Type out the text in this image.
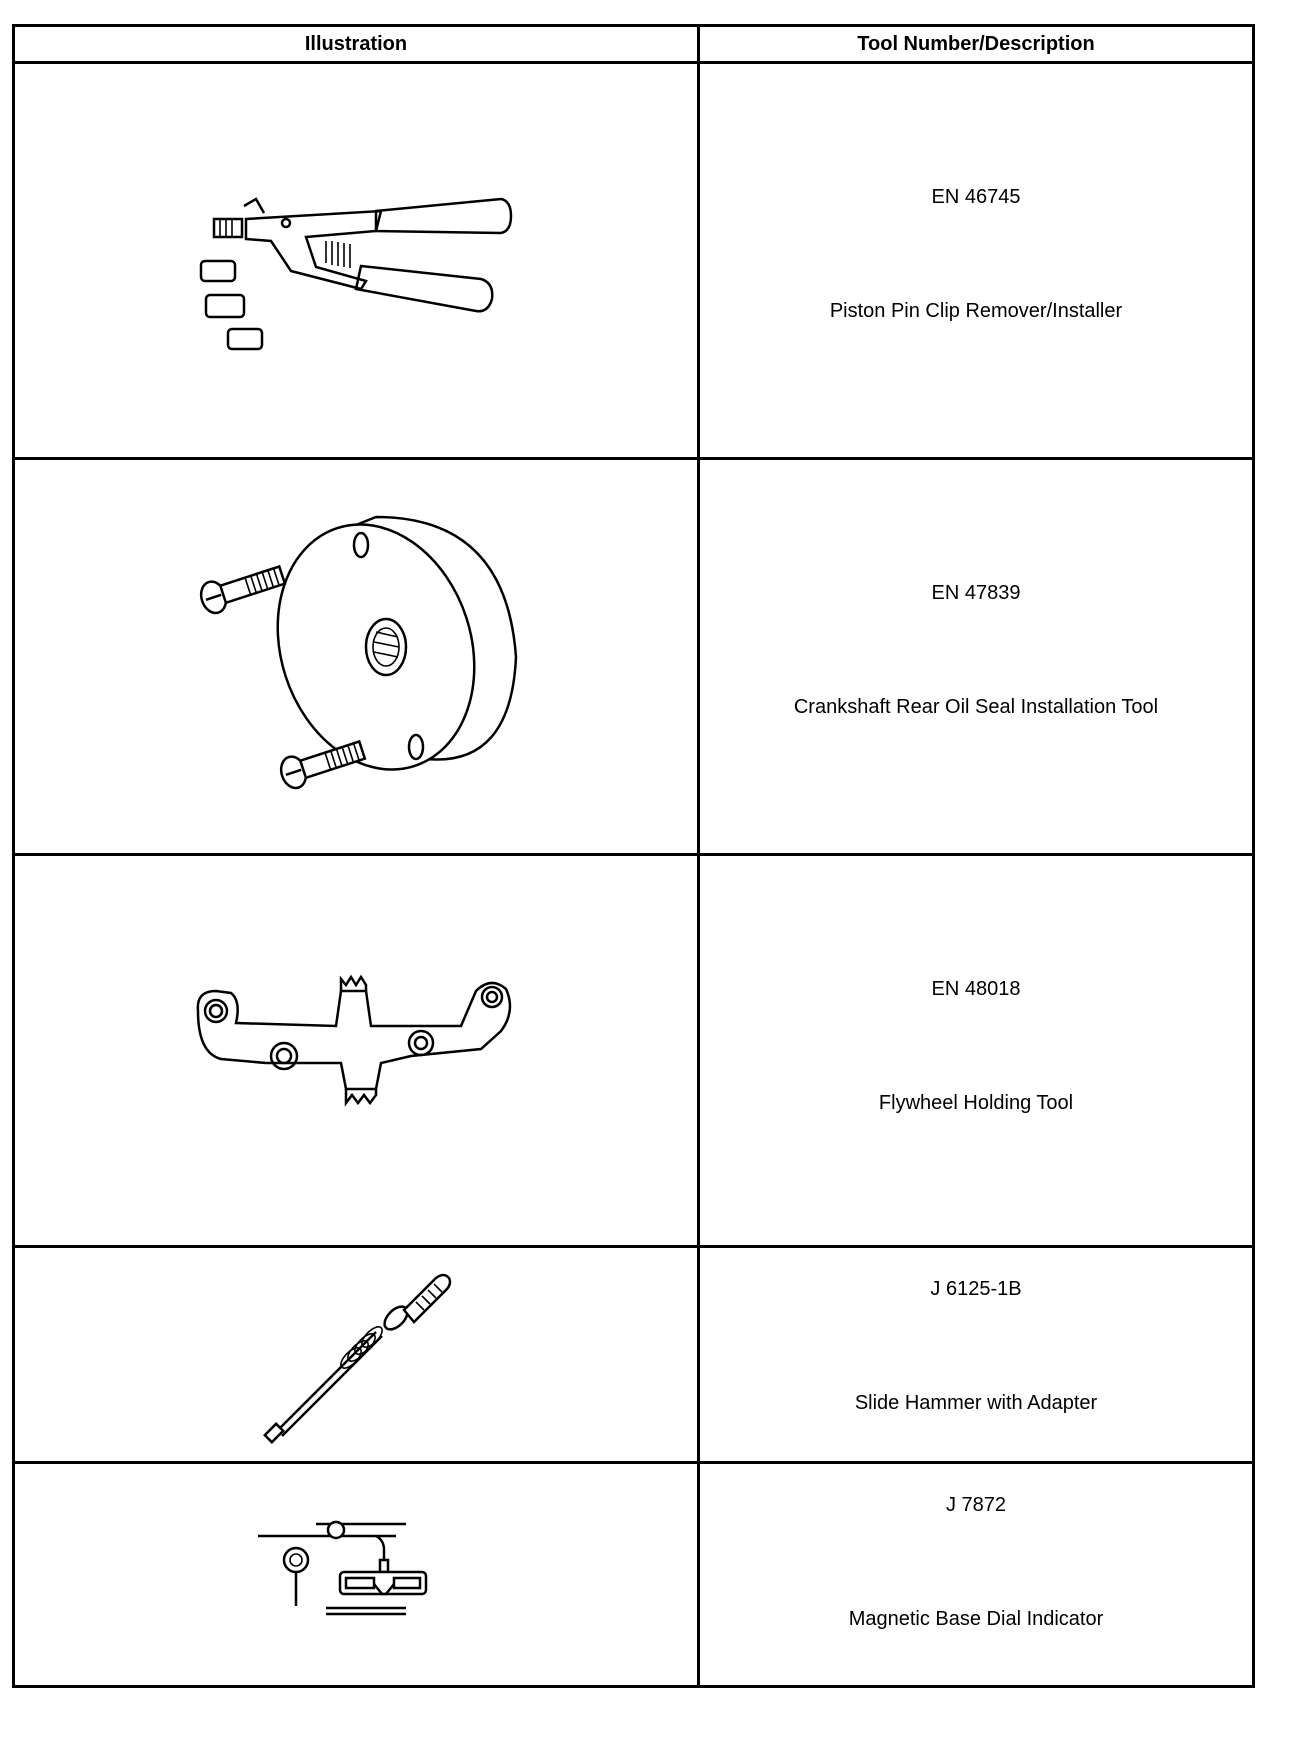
Illustration	Tool Number/Description

EN 46745
Piston Pin Clip Remover/Installer

EN 47839
Crankshaft Rear Oil Seal Installation Tool

EN 48018
Flywheel Holding Tool

J 6125-1B
Slide Hammer with Adapter

J 7872
Magnetic Base Dial Indicator
